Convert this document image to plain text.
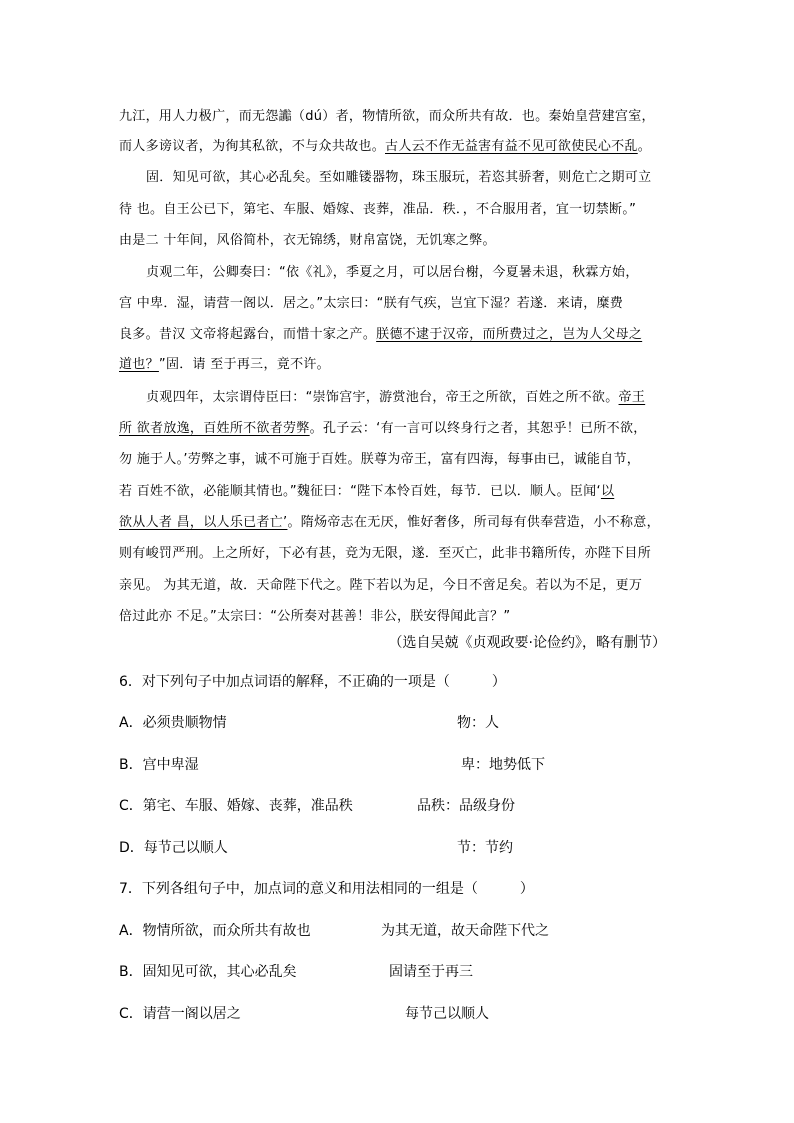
九江，用人力极广，而无怨讟（dú）者，物情所欲，而众所共有故．也。秦始皇营建宫室，
而人多谤议者，为徇其私欲，不与众共故也。古人云不作无益害有益不见可欲使民心不乱。
固．知见可欲，其心必乱矣。至如雕镂器物，珠玉服玩，若恣其骄奢，则危亡之期可立
待 也。自王公已下，第宅、车服、婚嫁、丧葬，准品．秩．，不合服用者，宜一切禁断。”
由是二 十年间，风俗简朴，衣无锦绣，财帛富饶，无饥寒之弊。
贞观二年，公卿奏曰：“依《礼》，季夏之月，可以居台榭，今夏暑未退，秋霖方始，
宫 中卑．湿，请营一阁以．居之。”太宗曰：“朕有气疾，岂宜下湿？若遂．来请，糜费
良多。昔汉 文帝将起露台，而惜十家之产。朕德不逮于汉帝，而所费过之，岂为人父母之
道也？”固．请 至于再三，竟不许。
贞观四年，太宗谓侍臣曰：“崇饰宫宇，游赏池台，帝王之所欲，百姓之所不欲。帝王
所 欲者放逸，百姓所不欲者劳弊。孔子云：‘有一言可以终身行之者，其恕乎！已所不欲，
勿 施于人。’劳弊之事，诚不可施于百姓。朕尊为帝王，富有四海，每事由已，诚能自节，
若 百姓不欲，必能顺其情也。”魏征曰：“陛下本怜百姓，每节．已以．顺人。臣闻‘以
欲从人者 昌，以人乐已者亡’。隋炀帝志在无厌，惟好奢侈，所司每有供奉营造，小不称意，
则有峻罚严刑。上之所好，下必有甚，竞为无限，遂．至灭亡，此非书籍所传，亦陛下目所
亲见。 为其无道，故．天命陛下代之。陛下若以为足，今日不啻足矣。若以为不足，更万
倍过此亦 不足。”太宗曰：“公所奏对甚善！非公，朕安得闻此言？”
（选自吴兢《贞观政要·论俭约》，略有删节）
6．对下列句子中加点词语的解释，不正确的一项是（　　　）
A．必须贵顺物情	物：人
B．宫中卑湿	卑：地势低下
C．第宅、车服、婚嫁、丧葬，准品秩	品秩：品级身份
D．每节己以顺人	节：节约
7．下列各组句子中，加点词的意义和用法相同的一组是（　　　）
A．物情所欲，而众所共有故也	为其无道，故天命陛下代之
B．固知见可欲，其心必乱矣	固请至于再三
C．请营一阁以居之	每节己以顺人
